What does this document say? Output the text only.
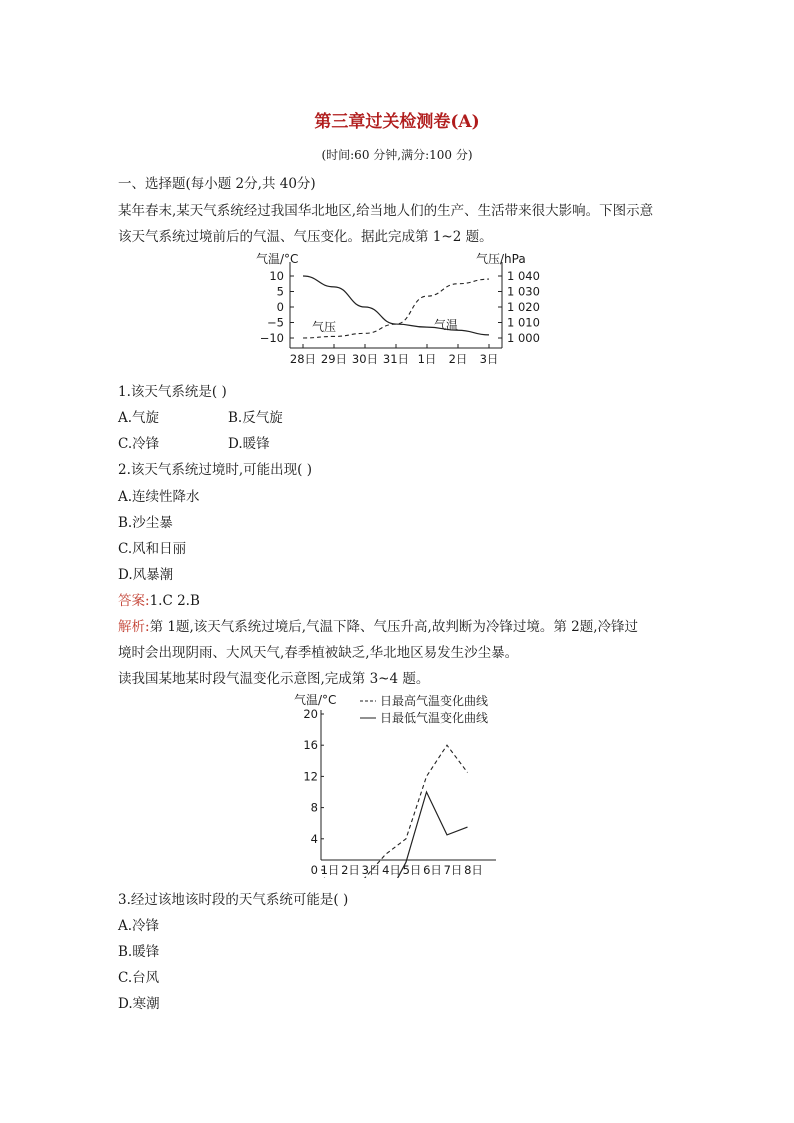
第三章过关检测卷(A)
(时间:60 分钟,满分:100 分)
一、选择题(每小题 2分,共 40分)
某年春末,某天气系统经过我国华北地区,给当地人们的生产、生活带来很大影响。下图示意
该天气系统过境前后的气温、气压变化。据此完成第 1~2 题。
气温/°C	气压/hPa
10
5
0
−5
−10
1 040
1 030
1 020
1 010
1 000
28日 29日 30日 31日 1日 2日 3日
气温
气压
1.该天气系统是( )
A.气旋	B.反气旋
C.冷锋	D.暖锋
2.该天气系统过境时,可能出现( )
A.连续性降水
B.沙尘暴
C.风和日丽
D.风暴潮
答案:1.C 2.B
解析:第 1题,该天气系统过境后,气温下降、气压升高,故判断为冷锋过境。第 2题,冷锋过
境时会出现阴雨、大风天气,春季植被缺乏,华北地区易发生沙尘暴。
读我国某地某时段气温变化示意图,完成第 3~4 题。
气温/°C
20
16
12
8
4
0 1日 2日 3日 4日 5日 6日 7日 8日
日最高气温变化曲线
日最低气温变化曲线
3.经过该地该时段的天气系统可能是( )
A.冷锋
B.暖锋
C.台风
D.寒潮
